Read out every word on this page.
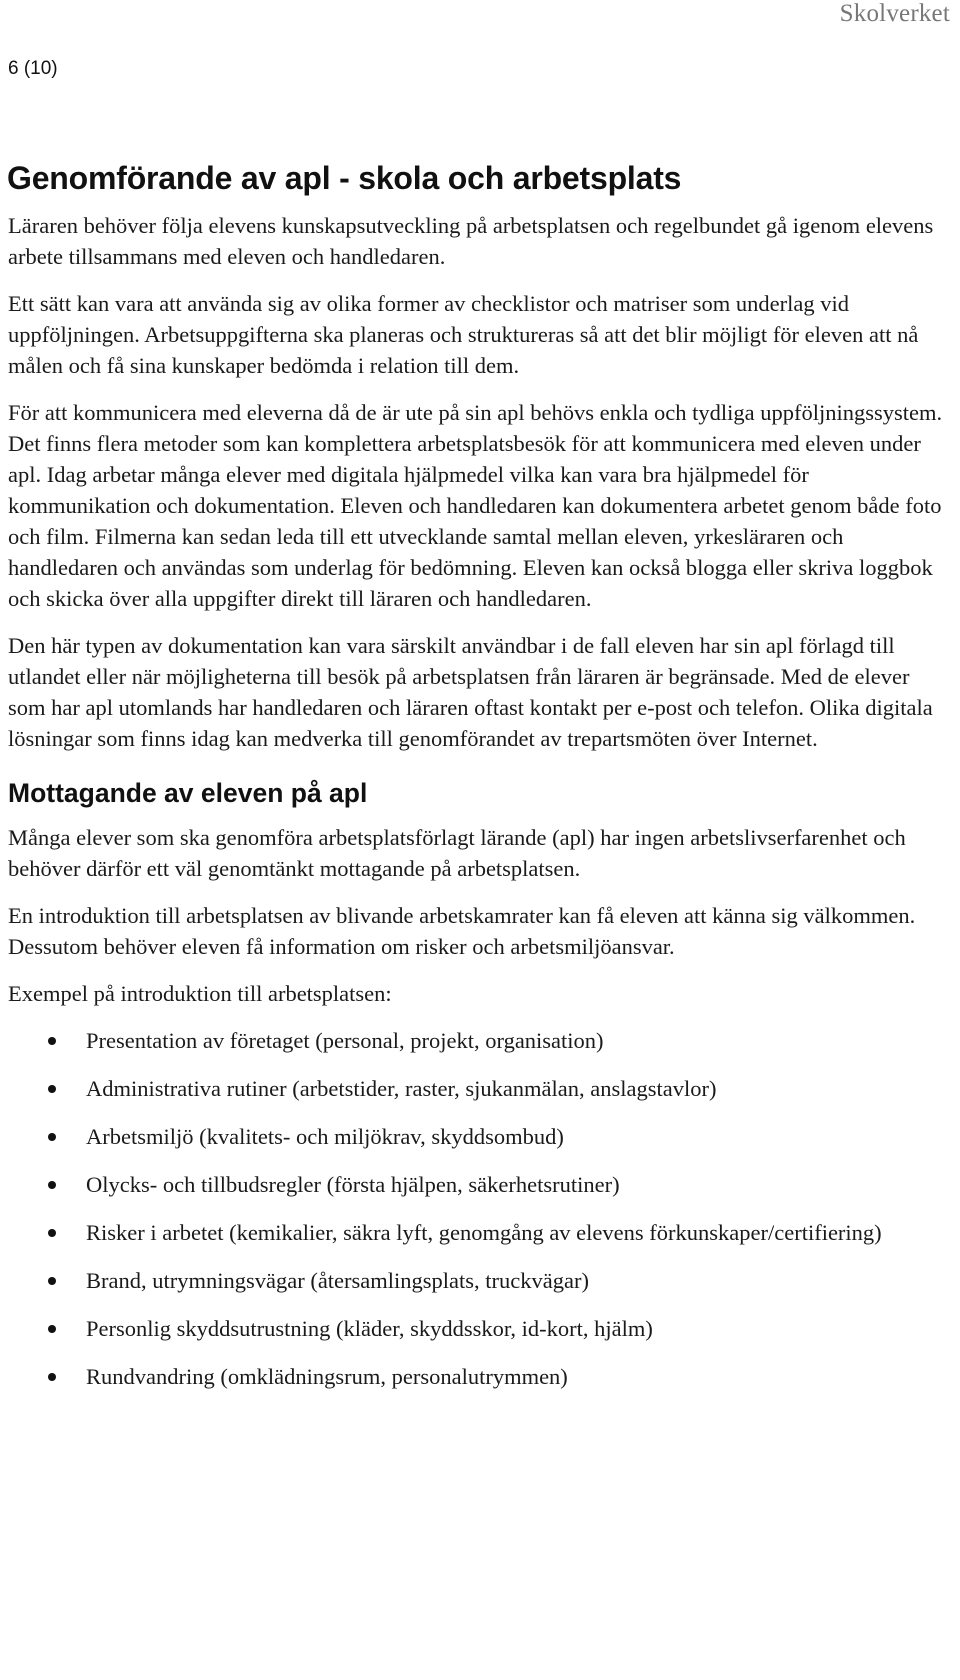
Skolverket
6 (10)
Genomförande av apl - skola och arbetsplats

Läraren behöver följa elevens kunskapsutveckling på arbetsplatsen och regelbundet gå igenom elevens arbete tillsammans med eleven och handledaren.

Ett sätt kan vara att använda sig av olika former av checklistor och matriser som underlag vid uppföljningen. Arbetsuppgifterna ska planeras och struktureras så att det blir möjligt för eleven att nå målen och få sina kunskaper bedömda i relation till dem.

För att kommunicera med eleverna då de är ute på sin apl behövs enkla och tydliga uppföljningssystem. Det finns flera metoder som kan komplettera arbetsplatsbesök för att kommunicera med eleven under apl. Idag arbetar många elever med digitala hjälpmedel vilka kan vara bra hjälpmedel för kommunikation och dokumentation. Eleven och handledaren kan dokumentera arbetet genom både foto och film. Filmerna kan sedan leda till ett utvecklande samtal mellan eleven, yrkesläraren och handledaren och användas som underlag för bedömning. Eleven kan också blogga eller skriva loggbok och skicka över alla uppgifter direkt till läraren och handledaren.

Den här typen av dokumentation kan vara särskilt användbar i de fall eleven har sin apl förlagd till utlandet eller när möjligheterna till besök på arbetsplatsen från läraren är begränsade. Med de elever som har apl utomlands har handledaren och läraren oftast kontakt per e-post och telefon. Olika digitala lösningar som finns idag kan medverka till genomförandet av trepartsmöten över Internet.

Mottagande av eleven på apl

Många elever som ska genomföra arbetsplatsförlagt lärande (apl) har ingen arbetslivserfarenhet och behöver därför ett väl genomtänkt mottagande på arbetsplatsen.

En introduktion till arbetsplatsen av blivande arbetskamrater kan få eleven att känna sig välkommen. Dessutom behöver eleven få information om risker och arbetsmiljöansvar.

Exempel på introduktion till arbetsplatsen:

Presentation av företaget (personal, projekt, organisation)
Administrativa rutiner (arbetstider, raster, sjukanmälan, anslagstavlor)
Arbetsmiljö (kvalitets- och miljökrav, skyddsombud)
Olycks- och tillbudsregler (första hjälpen, säkerhetsrutiner)
Risker i arbetet (kemikalier, säkra lyft, genomgång av elevens förkunskaper/certifiering)
Brand, utrymningsvägar (återsamlingsplats, truckvägar)
Personlig skyddsutrustning (kläder, skyddsskor, id-kort, hjälm)
Rundvandring (omklädningsrum, personalutrymmen)
